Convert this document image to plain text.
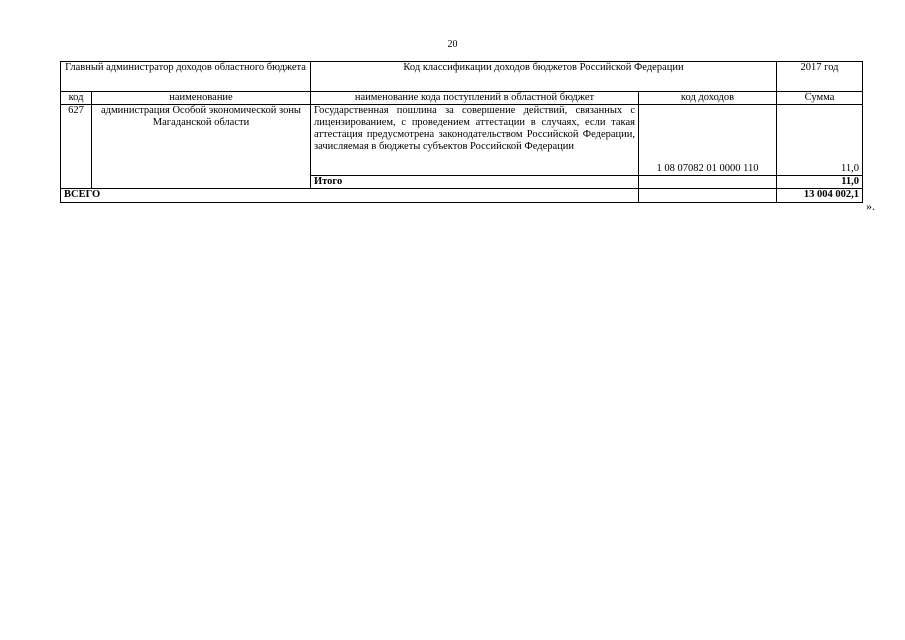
20
Главный администратор доходов областного бюджета		Код классификации доходов бюджетов Российской Федерации		2017 год
код	наименование	наименование кода поступлений в областной бюджет	код доходов	Сумма
627	администрация Особой экономической зоны Магаданской области	Государственная пошлина за совершение действий, связанных с лицензированием, с проведением аттестации в случаях, если такая аттестация предусмотрена законодательством Российской Федерации, зачисляемая в бюджеты субъектов Российской Федерации	1 08 07082 01 0000 110	11,0
		Итого		11,0
ВСЕГО				13 004 002,1
».
